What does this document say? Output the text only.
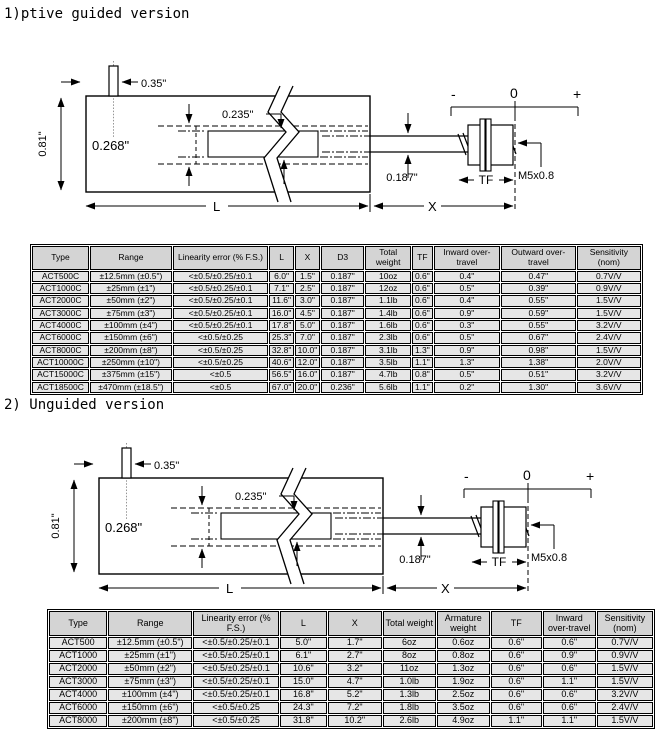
1)ptive guided version
0.35"
0.81"	0.268"
0.235"
0.187"	M5x0.8
TF
L	X
-	0	+
Type	Range	Linearity error (% F.S.)	L	X	D3	Total weight	TF	Inward over-travel	Outward over-travel	Sensitivity (nom)
ACT500C	±12.5mm (±0.5")	<±0.5/±0.25/±0.1	6.0"	1.5"	0.187"	10oz	0.6"	0.4"	0.47"	0.7V/V
ACT1000C	±25mm (±1")	<±0.5/±0.25/±0.1	7.1"	2.5"	0.187"	12oz	0.6"	0.5"	0.39"	0.9V/V
ACT2000C	±50mm (±2")	<±0.5/±0.25/±0.1	11.6"	3.0"	0.187"	1.1lb	0.6"	0.4"	0.55"	1.5V/V
ACT3000C	±75mm (±3")	<±0.5/±0.25/±0.1	16.0"	4.5"	0.187"	1.4lb	0.6"	0.9"	0.59"	1.5V/V
ACT4000C	±100mm (±4")	<±0.5/±0.25/±0.1	17.8"	5.0"	0.187"	1.6lb	0.6"	0.3"	0.55"	3.2V/V
ACT6000C	±150mm (±6")	<±0.5/±0.25	25.3"	7.0"	0.187"	2.3lb	0.6"	0.5"	0.67"	2.4V/V
ACT8000C	±200mm (±8")	<±0.5/±0.25	32.8"	10.0"	0.187"	3.1lb	1.3"	0.9"	0.98"	1.5V/V
ACT10000C	±250mm (±10")	<±0.5/±0.25	40.6"	12.0"	0.187"	3.5lb	1.1"	1.3"	1.38"	2.0V/V
ACT15000C	±375mm (±15")	<±0.5	56.5"	16.0"	0.187"	4.7lb	0.8"	0.5"	0.51"	3.2V/V
ACT18500C	±470mm (±18.5")	<±0.5	67.0"	20.0"	0.236"	5.6lb	1.1"	0.2"	1.30"	3.6V/V
2) Unguided version
0.35"
0.81"	0.268"
0.235"
0.187"	M5x0.8
TF
L	X
-	0	+
Type	Range	Linearity error (% F.S.)	L	X	Total weight	Armature weight	TF	Inward over-travel	Sensitivity (nom)
ACT500	±12.5mm (±0.5")	<±0.5/±0.25/±0.1	5.0"	1.7"	6oz	0.6oz	0.6"	0.6"	0.7V/V
ACT1000	±25mm (±1")	<±0.5/±0.25/±0.1	6.1"	2.7"	8oz	0.8oz	0.6"	0.9"	0.9V/V
ACT2000	±50mm (±2")	<±0.5/±0.25/±0.1	10.6"	3.2"	11oz	1.3oz	0.6"	0.6"	1.5V/V
ACT3000	±75mm (±3")	<±0.5/±0.25/±0.1	15.0"	4.7"	1.0lb	1.9oz	0.6"	1.1"	1.5V/V
ACT4000	±100mm (±4")	<±0.5/±0.25/±0.1	16.8"	5.2"	1.3lb	2.5oz	0.6"	0.6"	3.2V/V
ACT6000	±150mm (±6")	<±0.5/±0.25	24.3"	7.2"	1.8lb	3.5oz	0.6"	0.6"	2.4V/V
ACT8000	±200mm (±8")	<±0.5/±0.25	31.8"	10.2"	2.6lb	4.9oz	1.1"	1.1"	1.5V/V
